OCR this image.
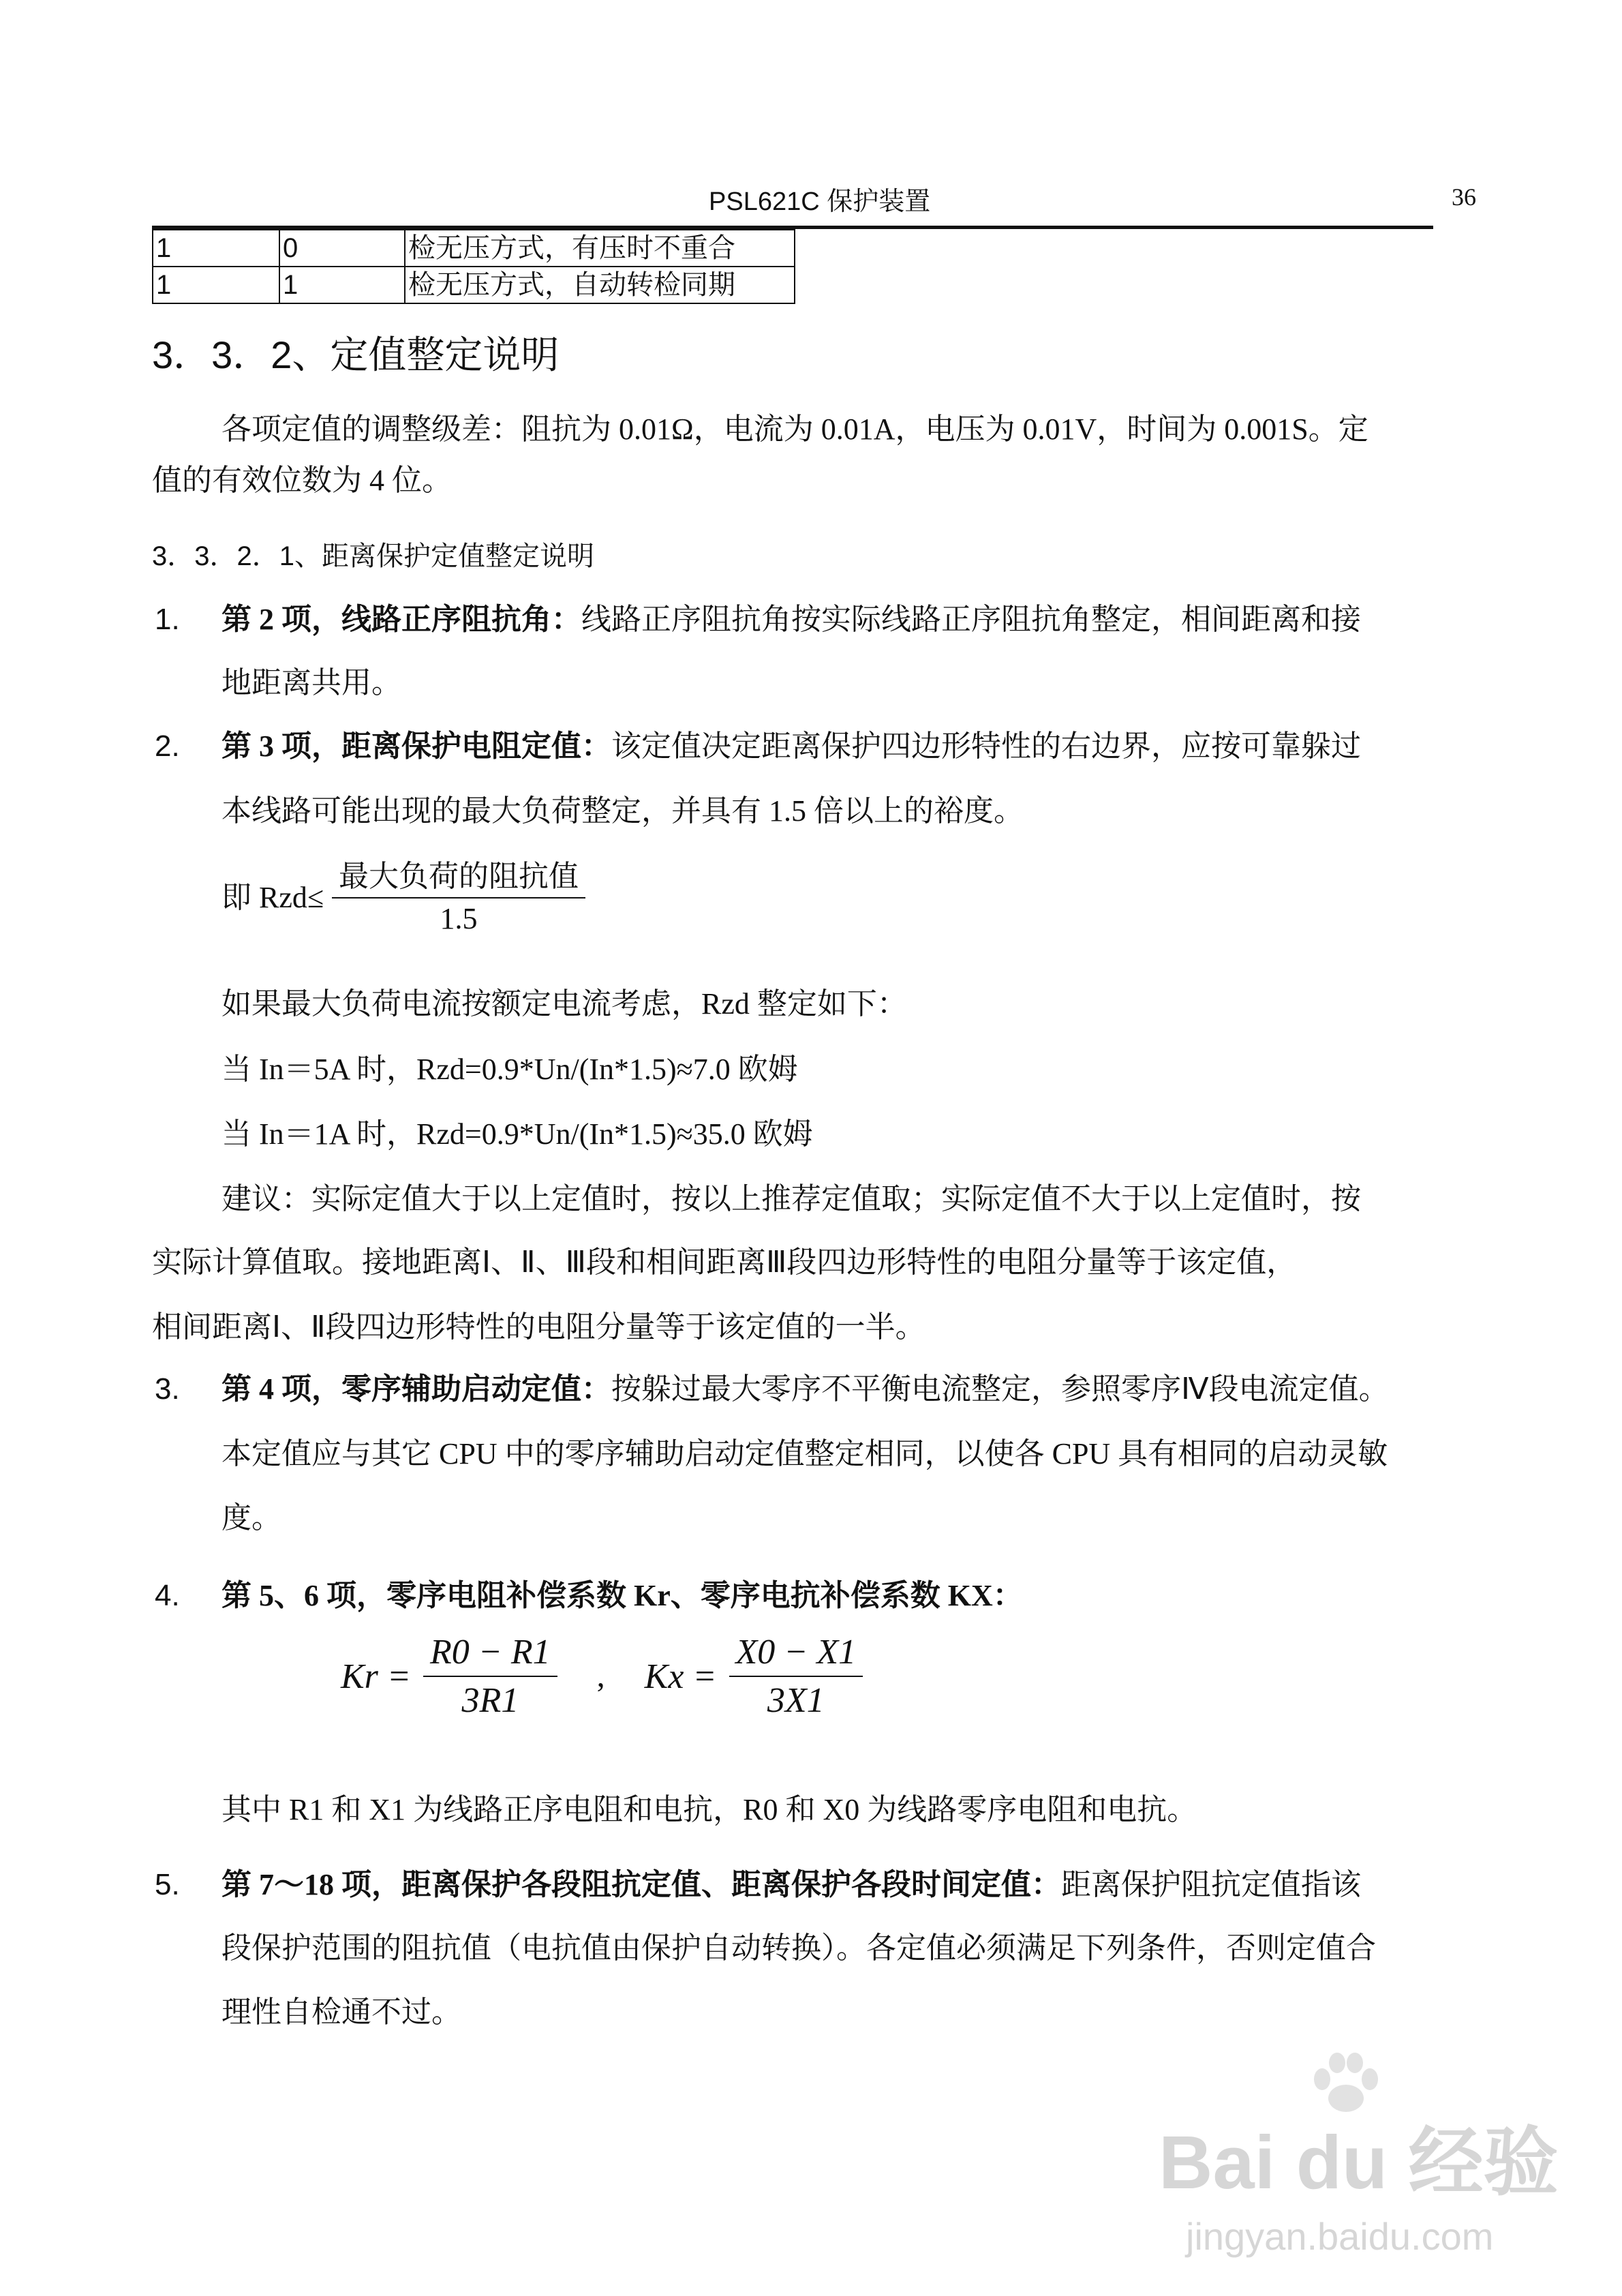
PSL621C 保护装置	36
1	0	检无压方式，有压时不重合
1	1	检无压方式，自动转检同期
3．3．2、定值整定说明
各项定值的调整级差：阻抗为 0.01Ω，电流为 0.01A，电压为 0.01V，时间为 0.001S。定
值的有效位数为 4 位。
3．3．2．1、距离保护定值整定说明
1. 第 2 项，线路正序阻抗角：线路正序阻抗角按实际线路正序阻抗角整定，相间距离和接
地距离共用。
2. 第 3 项，距离保护电阻定值：该定值决定距离保护四边形特性的右边界，应按可靠躲过
本线路可能出现的最大负荷整定，并具有 1.5 倍以上的裕度。
即 $Rzd\le \frac{\text{最大负荷的阻抗值}}{1.5}$
如果最大负荷电流按额定电流考虑，Rzd 整定如下：
当 In＝5A 时，Rzd=0.9*Un/(In*1.5)≈7.0 欧姆
当 In＝1A 时，Rzd=0.9*Un/(In*1.5)≈35.0 欧姆
建议：实际定值大于以上定值时，按以上推荐定值取；实际定值不大于以上定值时，按
实际计算值取。接地距离Ⅰ、Ⅱ、Ⅲ段和相间距离Ⅲ段四边形特性的电阻分量等于该定值，
相间距离Ⅰ、Ⅱ段四边形特性的电阻分量等于该定值的一半。
3. 第 4 项，零序辅助启动定值：按躲过最大零序不平衡电流整定，参照零序Ⅳ段电流定值。
本定值应与其它 CPU 中的零序辅助启动定值整定相同，以使各 CPU 具有相同的启动灵敏
度。
4. 第 5、6 项，零序电阻补偿系数 Kr、零序电抗补偿系数 KX：
$Kr = \frac{R0 - R1}{3R1}$ , $Kx = \frac{X0 - X1}{3X1}$
其中 R1 和 X1 为线路正序电阻和电抗，R0 和 X0 为线路零序电阻和电抗。
5. 第 7～18 项，距离保护各段阻抗定值、距离保护各段时间定值：距离保护阻抗定值指该
段保护范围的阻抗值（电抗值由保护自动转换）。各定值必须满足下列条件，否则定值合
理性自检通不过。
Bai du 经验
jingyan.baidu.com
